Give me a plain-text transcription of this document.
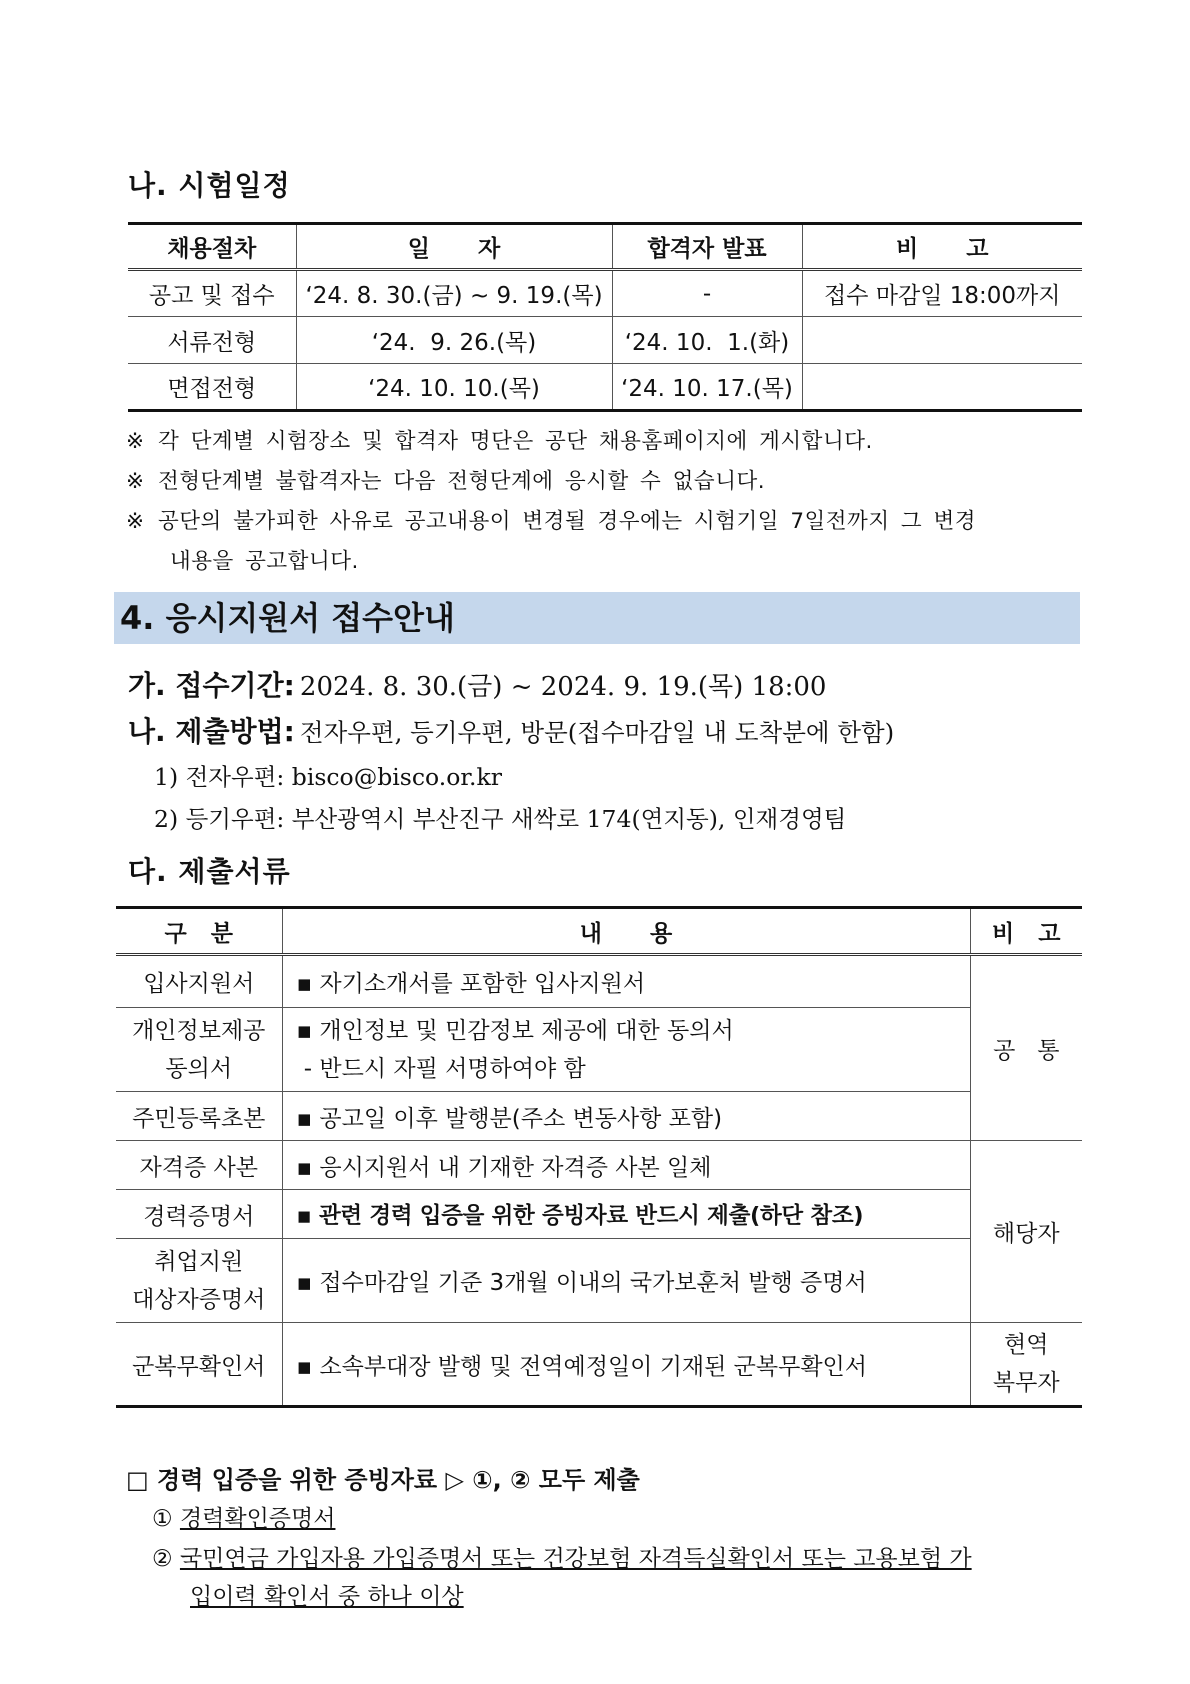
나. 시험일정
채용절차	일      자	합격자 발표	비      고
공고 및 접수	‘24. 8. 30.(금) ~ 9. 19.(목)	-	접수 마감일 18:00까지
서류전형	‘24.  9. 26.(목)	‘24. 10.  1.(화)	
면접전형	‘24. 10. 10.(목)	‘24. 10. 17.(목)	
※ 각 단계별 시험장소 및 합격자 명단은 공단 채용홈페이지에 게시합니다.
※ 전형단계별 불합격자는 다음 전형단계에 응시할 수 없습니다.
※ 공단의 불가피한 사유로 공고내용이 변경될 경우에는 시험기일 7일전까지 그 변경
내용을 공고합니다.
4. 응시지원서 접수안내
가. 접수기간: 2024. 8. 30.(금) ~ 2024. 9. 19.(목) 18:00
나. 제출방법: 전자우편, 등기우편, 방문(접수마감일 내 도착분에 한함)
1) 전자우편: bisco@bisco.or.kr
2) 등기우편: 부산광역시 부산진구 새싹로 174(연지동), 인재경영팀
다. 제출서류
구   분	내      용	비   고
입사지원서	▪ 자기소개서를 포함한 입사지원서	공   통
개인정보제공
동의서	▪ 개인정보 및 민감정보 제공에 대한 동의서
- 반드시 자필 서명하여야 함	
주민등록초본	▪ 공고일 이후 발행분(주소 변동사항 포함)	
자격증 사본	▪ 응시지원서 내 기재한 자격증 사본 일체	해당자
경력증명서	▪ 관련 경력 입증을 위한 증빙자료 반드시 제출(하단 참조)	
취업지원
대상자증명서	▪ 접수마감일 기준 3개월 이내의 국가보훈처 발행 증명서	
군복무확인서	▪ 소속부대장 발행 및 전역예정일이 기재된 군복무확인서	현역
복무자
□ 경력 입증을 위한 증빙자료 ▷ ①, ② 모두 제출
① 경력확인증명서
② 국민연금 가입자용 가입증명서 또는 건강보험 자격득실확인서 또는 고용보험 가
입이력 확인서 중 하나 이상
